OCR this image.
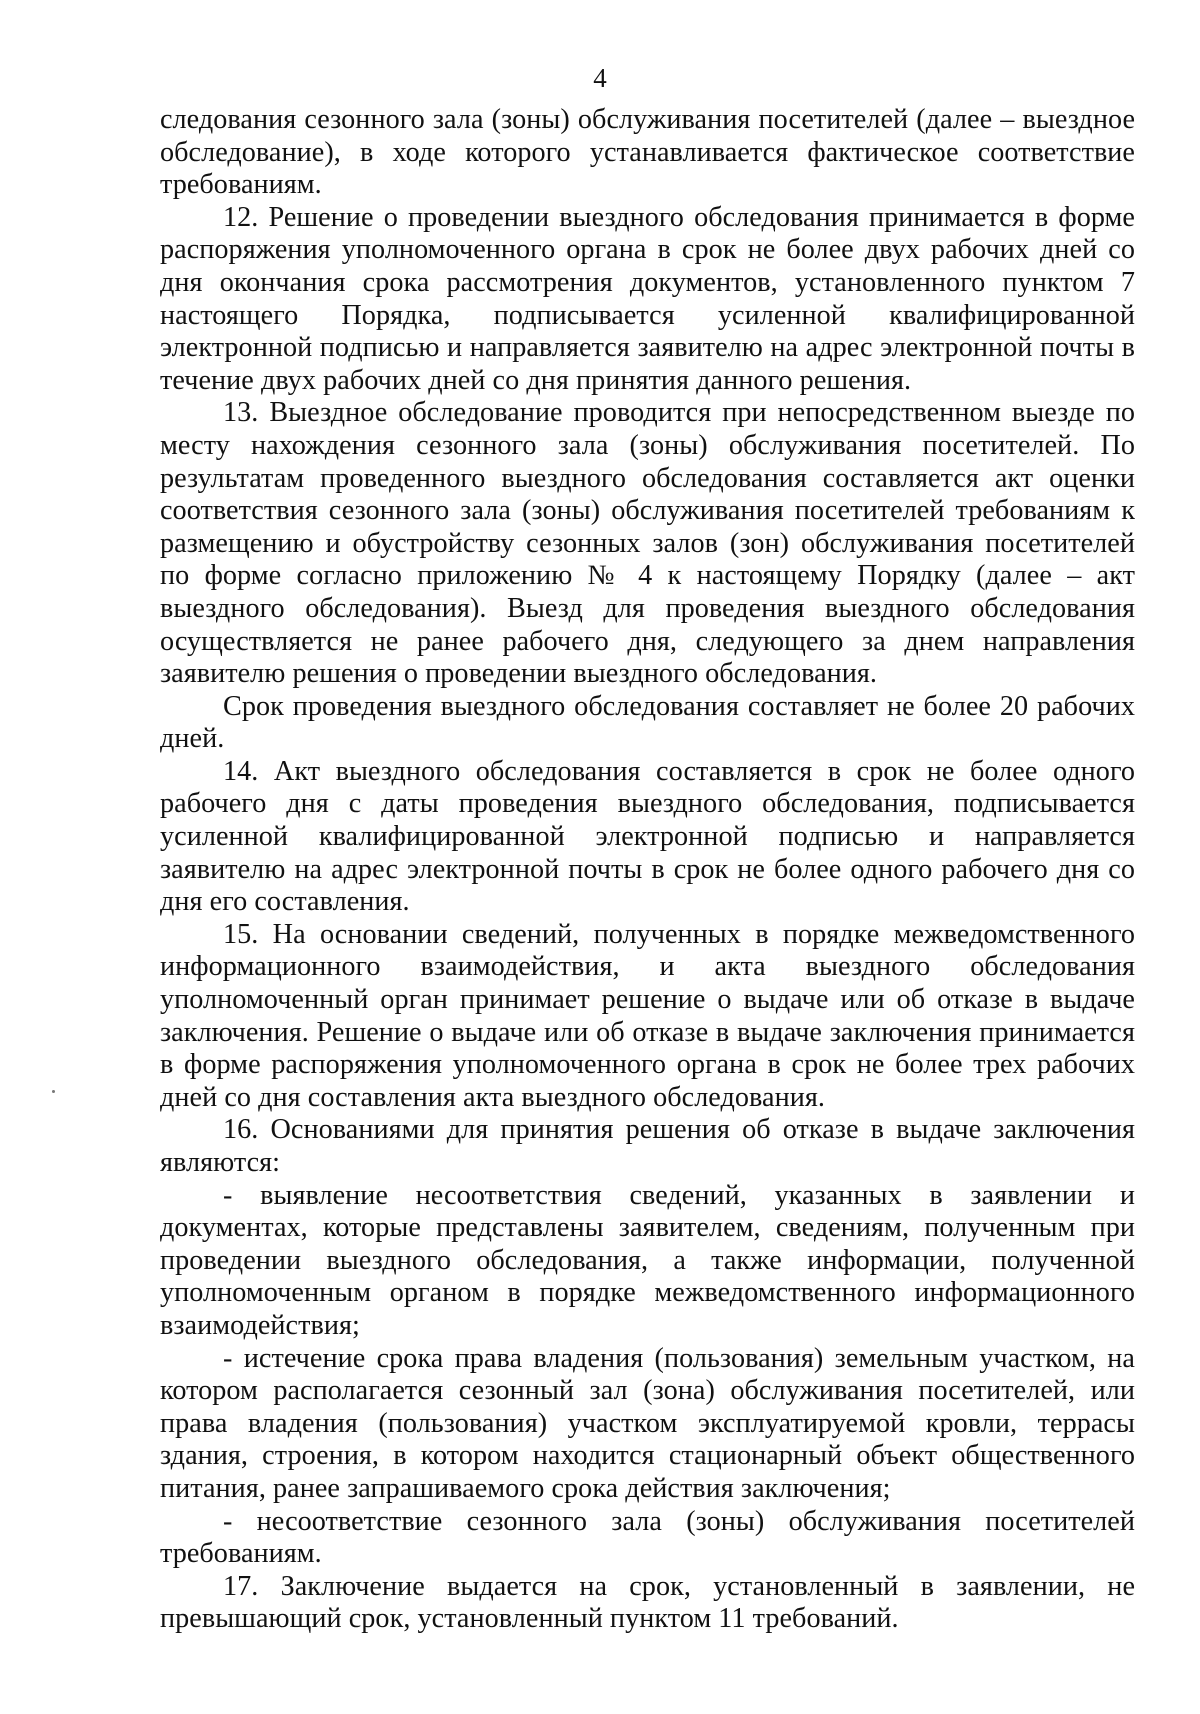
4

следования сезонного зала (зоны) обслуживания посетителей (далее – выездное обследование), в ходе которого устанавливается фактическое соответствие требованиям.

12. Решение о проведении выездного обследования принимается в форме распоряжения уполномоченного органа в срок не более двух рабочих дней со дня окончания срока рассмотрения документов, установленного пунктом 7 настоящего Порядка, подписывается усиленной квалифицированной электронной подписью и направляется заявителю на адрес электронной почты в течение двух рабочих дней со дня принятия данного решения.

13. Выездное обследование проводится при непосредственном выезде по месту нахождения сезонного зала (зоны) обслуживания посетителей. По результатам проведенного выездного обследования составляется акт оценки соответствия сезонного зала (зоны) обслуживания посетителей требованиям к размещению и обустройству сезонных залов (зон) обслуживания посетителей по форме согласно приложению № 4 к настоящему Порядку (далее – акт выездного обследования). Выезд для проведения выездного обследования осуществляется не ранее рабочего дня, следующего за днем направления заявителю решения о проведении выездного обследования.

Срок проведения выездного обследования составляет не более 20 рабочих дней.

14. Акт выездного обследования составляется в срок не более одного рабочего дня с даты проведения выездного обследования, подписывается усиленной квалифицированной электронной подписью и направляется заявителю на адрес электронной почты в срок не более одного рабочего дня со дня его составления.

15. На основании сведений, полученных в порядке межведомственного информационного взаимодействия, и акта выездного обследования уполномоченный орган принимает решение о выдаче или об отказе в выдаче заключения. Решение о выдаче или об отказе в выдаче заключения принимается в форме распоряжения уполномоченного органа в срок не более трех рабочих дней со дня составления акта выездного обследования.

16. Основаниями для принятия решения об отказе в выдаче заключения являются:

- выявление несоответствия сведений, указанных в заявлении и документах, которые представлены заявителем, сведениям, полученным при проведении выездного обследования, а также информации, полученной уполномоченным органом в порядке межведомственного информационного взаимодействия;

- истечение срока права владения (пользования) земельным участком, на котором располагается сезонный зал (зона) обслуживания посетителей, или права владения (пользования) участком эксплуатируемой кровли, террасы здания, строения, в котором находится стационарный объект общественного питания, ранее запрашиваемого срока действия заключения;

- несоответствие сезонного зала (зоны) обслуживания посетителей требованиям.

17. Заключение выдается на срок, установленный в заявлении, не превышающий срок, установленный пунктом 11 требований.
